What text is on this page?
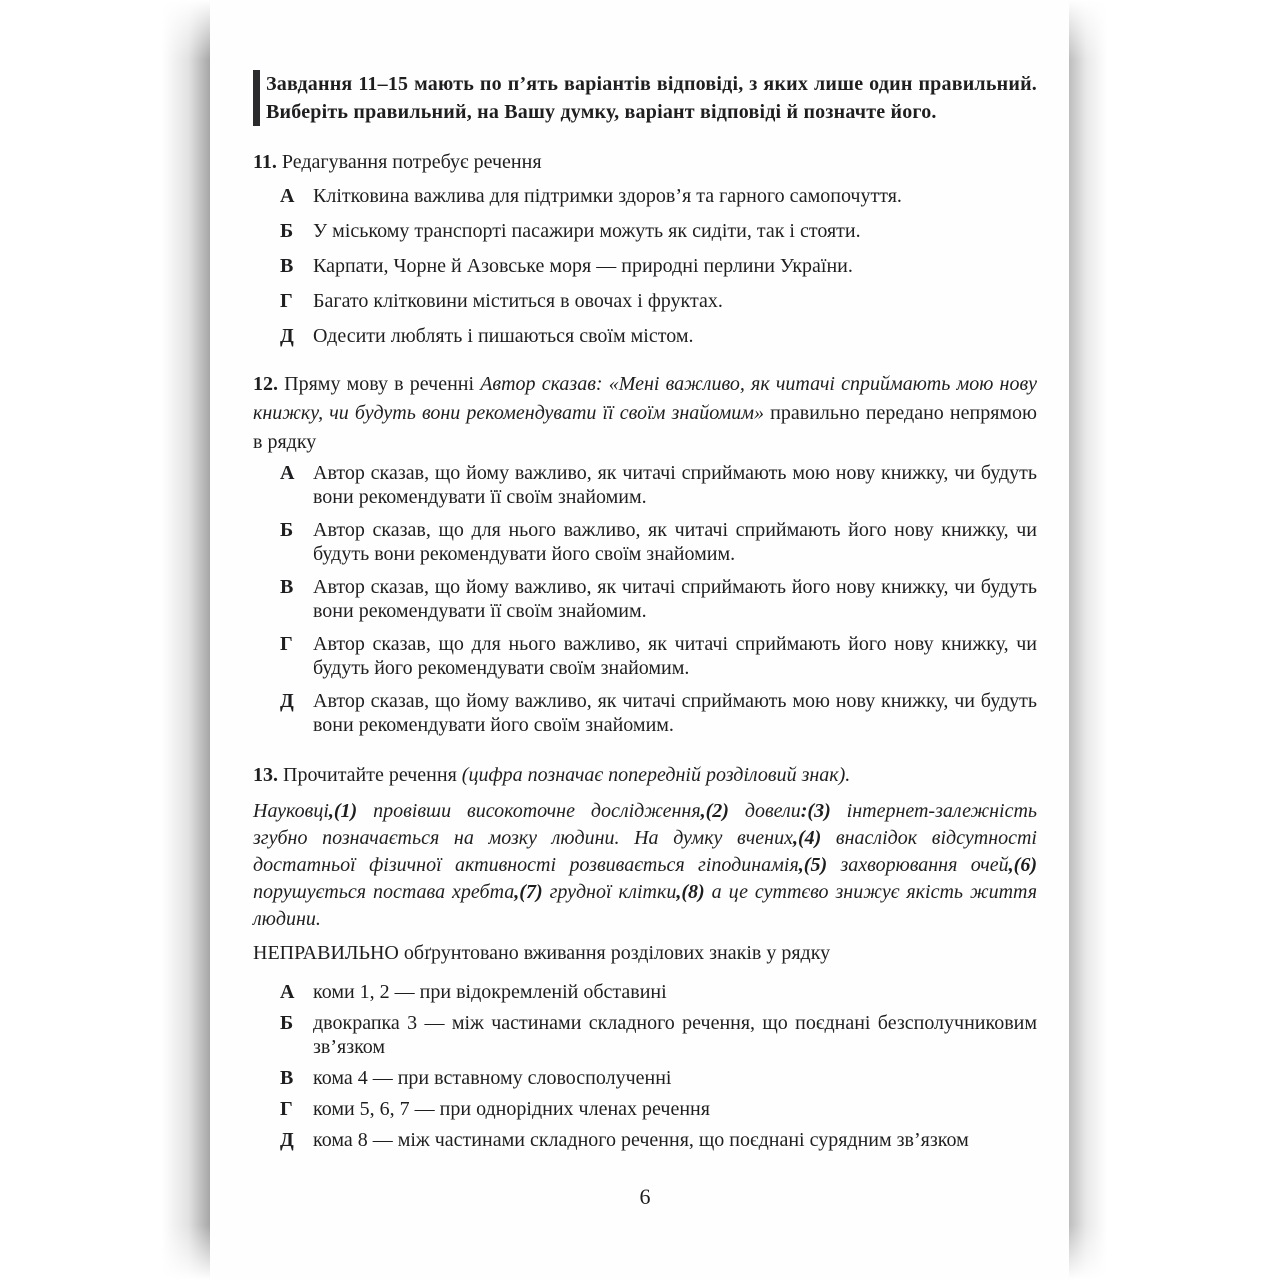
Завдання 11–15 мають по п’ять варіантів відповіді, з яких лише один правильний. Виберіть правильний, на Вашу думку, варіант відповіді й позначте його.

11. Редагування потребує речення

А Клітковина важлива для підтримки здоров’я та гарного самопочуття.
Б У міському транспорті пасажири можуть як сидіти, так і стояти.
В Карпати, Чорне й Азовське моря — природні перлини України.
Г	Багато клітковини міститься в овочах і фруктах.
Д Одесити люблять і пишаються своїм містом.

12. Пряму мову в реченні Автор сказав: «Мені важливо, як читачі сприймають мою нову книжку, чи будуть вони рекомендувати її своїм знайомим» правильно передано непрямою в рядку

А Автор сказав, що йому важливо, як читачі сприймають мою нову книжку, чи будуть вони рекомендувати її своїм знайомим.
Б Автор сказав, що для нього важливо, як читачі сприймають його нову книжку, чи будуть вони рекомендувати його своїм знайомим.
В Автор сказав, що йому важливо, як читачі сприймають його нову книжку, чи будуть вони рекомендувати її своїм знайомим.
Г	Автор сказав, що для нього важливо, як читачі сприймають його нову книжку, чи будуть його рекомендувати своїм знайомим.
Д Автор сказав, що йому важливо, як читачі сприймають мою нову книжку, чи будуть вони рекомендувати його своїм знайомим.

13. Прочитайте речення (цифра позначає попередній розділовий знак).

Науковці,(1) провівши високоточне дослідження,(2) довели:(3) інтернет-залежність згубно позначається на мозку людини. На думку вчених,(4) внаслідок відсутності достатньої фізичної активності розвивається гіподинамія,(5) захворювання очей,(6) порушується постава хребта,(7) грудної клітки,(8) а це суттєво знижує якість життя людини.

НЕПРАВИЛЬНО обґрунтовано вживання розділових знаків у рядку

А коми 1, 2 — при відокремленій обставині
Б двокрапка 3 — між частинами складного речення, що поєднані безсполучниковим зв’язком
В кома 4 — при вставному словосполученні
Г	коми 5, 6, 7 — при однорідних членах речення
Д кома 8 — між частинами складного речення, що поєднані сурядним зв’язком
6
